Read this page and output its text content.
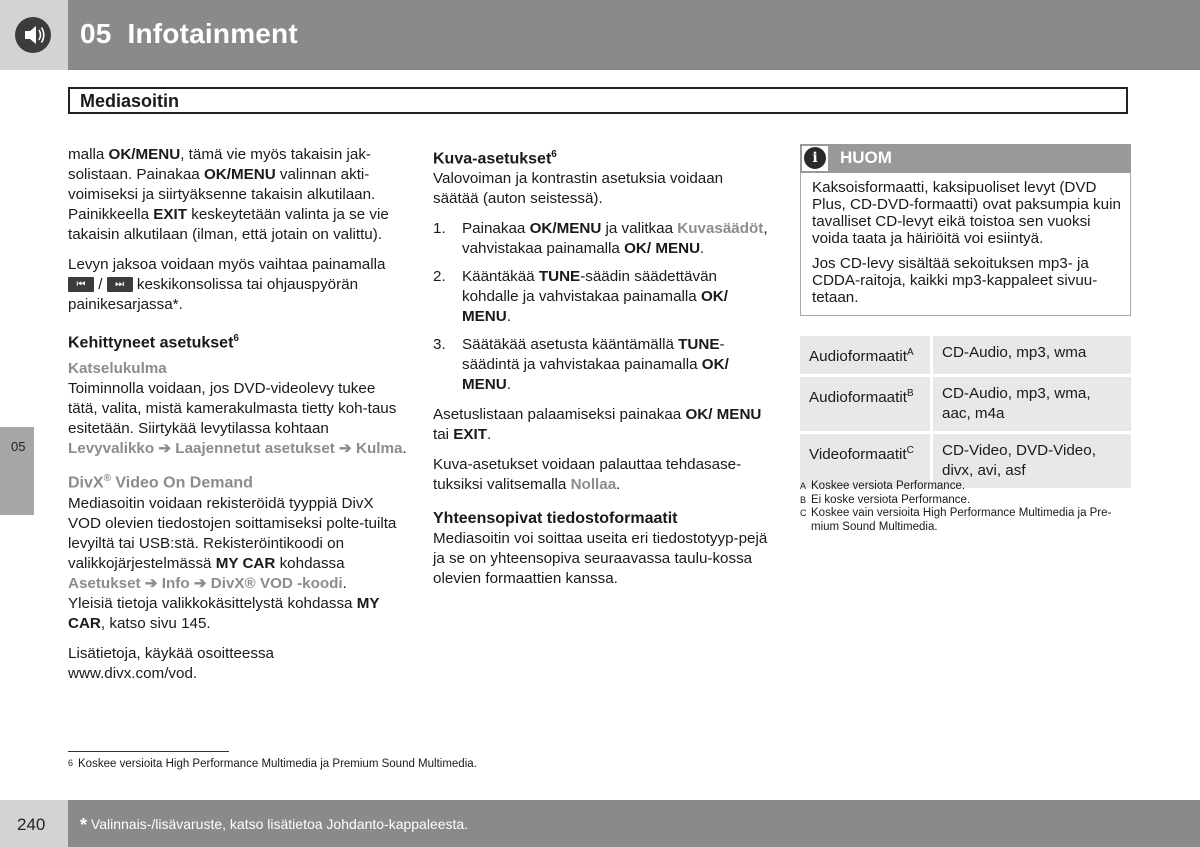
05  Infotainment
Mediasoitin
05

malla OK/MENU, tämä vie myös takaisin jak-solistaan. Painakaa OK/MENU valinnan akti-voimiseksi ja siirtyäksenne takaisin alkutilaan. Painikkeella EXIT keskeytetään valinta ja se vie takaisin alkutilaan (ilman, että jotain on valittu).

Levyn jaksoa voidaan myös vaihtaa painamalla
⏮ / ⏭ keskikonsolissa tai ohjauspyörän painikesarjassa*.

Kehittyneet asetukset$^6$
Katselukulma

Toiminnolla voidaan, jos DVD-videolevy tukee tätä, valita, mistä kamerakulmasta tietty koh-taus esitetään. Siirtykää levytilassa kohtaan Levyvalikko ➔ Laajennetut asetukset ➔ Kulma.

DivX® Video On Demand

Mediasoitin voidaan rekisteröidä tyyppiä DivX VOD olevien tiedostojen soittamiseksi polte-tuilta levyiltä tai USB:stä. Rekisteröintikoodi on valikkojärjestelmässä MY CAR kohdassa Asetukset ➔ Info ➔ DivX® VOD -koodi.

Yleisiä tietoja valikkokäsittelystä kohdassa MY CAR, katso sivu 145.

Lisätietoja, käykää osoitteessa www.divx.com/vod.

Kuva-asetukset$^6$

Valovoiman ja kontrastin asetuksia voidaan säätää (auton seistessä).

1. Painakaa OK/MENU ja valitkaa Kuvasäädöt, vahvistakaa painamalla OK/ MENU.
2. Kääntäkää TUNE-säädin säädettävän kohdalle ja vahvistakaa painamalla OK/ MENU.
3. Säätäkää asetusta kääntämällä TUNE-säädintä ja vahvistakaa painamalla OK/ MENU.

Asetuslistaan palaamiseksi painakaa OK/ MENU tai EXIT.

Kuva-asetukset voidaan palauttaa tehdasase-tuksiksi valitsemalla Nollaa.

Yhteensopivat tiedostoformaatit

Mediasoitin voi soittaa useita eri tiedostotyyp-pejä ja se on yhteensopiva seuraavassa taulu-kossa olevien formaattien kanssa.

i	HUOM

Kaksoisformaatti, kaksipuoliset levyt (DVD Plus, CD-DVD-formaatti) ovat paksumpia kuin tavalliset CD-levyt eikä toistoa sen vuoksi voida taata ja häiriöitä voi esiintyä.

Jos CD-levy sisältää sekoituksen mp3- ja CDDA-raitoja, kaikki mp3-kappaleet sivuu-tetaan.

Audioformaatit$^A$	CD-Audio, mp3, wma
Audioformaatit$^B$	CD-Audio, mp3, wma, aac, m4a
Videoformaatit$^C$	CD-Video, DVD-Video, divx, avi, asf
A Koskee versiota Performance.
B Ei koske versiota Performance.
C Koskee vain versioita High Performance Multimedia ja Pre-mium Sound Multimedia.
6 Koskee versioita High Performance Multimedia ja Premium Sound Multimedia.
240 * Valinnais-/lisävaruste, katso lisätietoa Johdanto-kappaleesta.
